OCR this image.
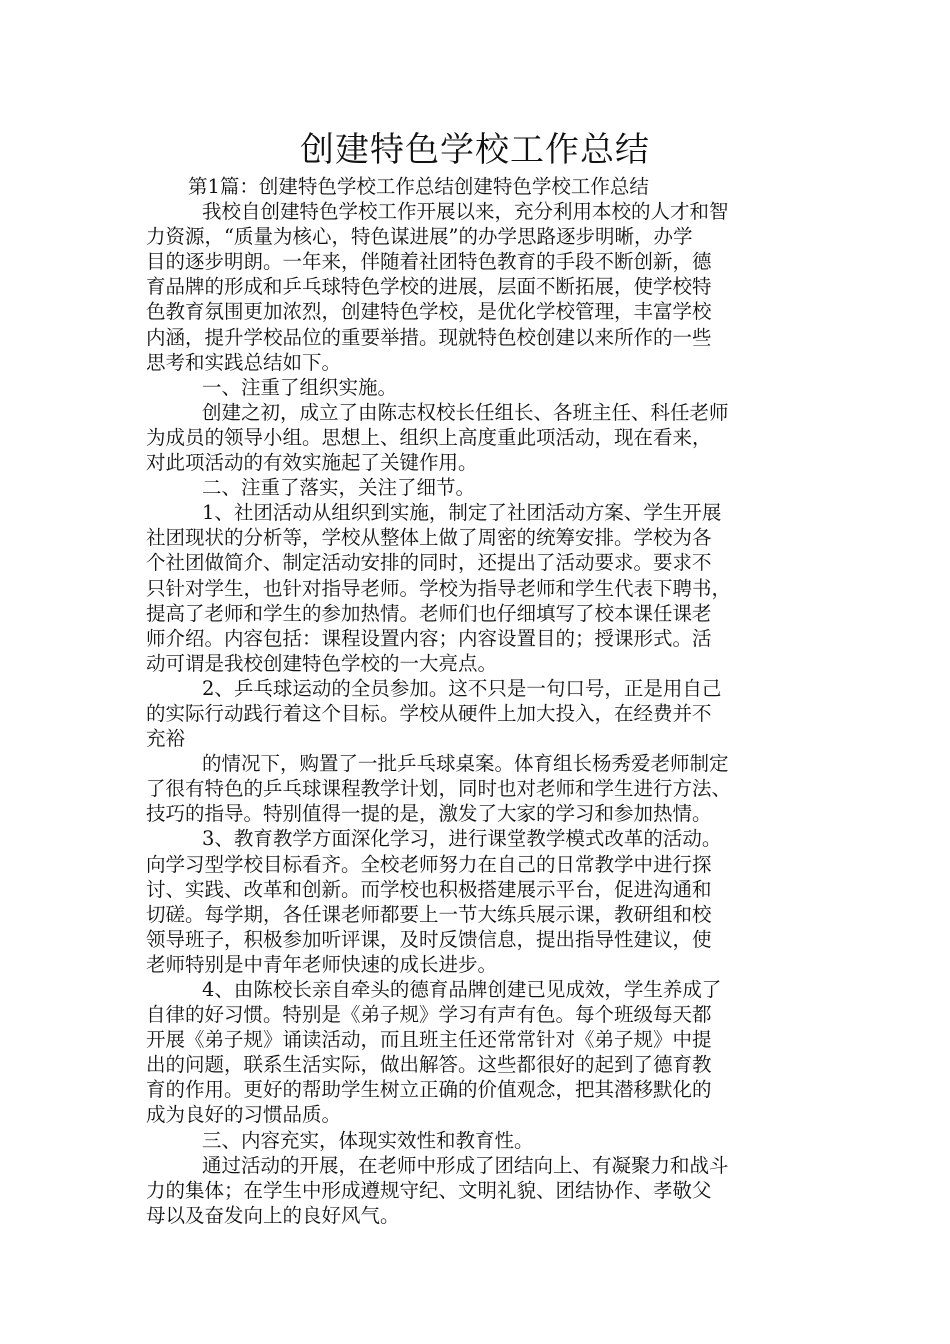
创建特色学校工作总结
第1篇：创建特色学校工作总结创建特色学校工作总结
我校自创建特色学校工作开展以来，充分利用本校的人才和智
力资源，“质量为核心，特色谋进展”的办学思路逐步明晰，办学
目的逐步明朗。一年来，伴随着社团特色教育的手段不断创新，德
育品牌的形成和乒乓球特色学校的进展，层面不断拓展，使学校特
色教育氛围更加浓烈，创建特色学校，是优化学校管理，丰富学校
内涵，提升学校品位的重要举措。现就特色校创建以来所作的一些
思考和实践总结如下。
一、注重了组织实施。
创建之初，成立了由陈志权校长任组长、各班主任、科任老师
为成员的领导小组。思想上、组织上高度重此项活动，现在看来，
对此项活动的有效实施起了关键作用。
二、注重了落实，关注了细节。
1、社团活动从组织到实施，制定了社团活动方案、学生开展
社团现状的分析等，学校从整体上做了周密的统筹安排。学校为各
个社团做简介、制定活动安排的同时，还提出了活动要求。要求不
只针对学生，也针对指导老师。学校为指导老师和学生代表下聘书，
提高了老师和学生的参加热情。老师们也仔细填写了校本课任课老
师介绍。内容包括：课程设置内容；内容设置目的；授课形式。活
动可谓是我校创建特色学校的一大亮点。
2、乒乓球运动的全员参加。这不只是一句口号，正是用自己
的实际行动践行着这个目标。学校从硬件上加大投入，在经费并不
充裕
的情况下，购置了一批乒乓球桌案。体育组长杨秀爱老师制定
了很有特色的乒乓球课程教学计划，同时也对老师和学生进行方法、
技巧的指导。特别值得一提的是，激发了大家的学习和参加热情。
3、教育教学方面深化学习，进行课堂教学模式改革的活动。
向学习型学校目标看齐。全校老师努力在自己的日常教学中进行探
讨、实践、改革和创新。而学校也积极搭建展示平台，促进沟通和
切磋。每学期，各任课老师都要上一节大练兵展示课，教研组和校
领导班子，积极参加听评课，及时反馈信息，提出指导性建议，使
老师特别是中青年老师快速的成长进步。
4、由陈校长亲自牵头的德育品牌创建已见成效，学生养成了
自律的好习惯。特别是《弟子规》学习有声有色。每个班级每天都
开展《弟子规》诵读活动，而且班主任还常常针对《弟子规》中提
出的问题，联系生活实际，做出解答。这些都很好的起到了德育教
育的作用。更好的帮助学生树立正确的价值观念，把其潜移默化的
成为良好的习惯品质。
三、内容充实，体现实效性和教育性。
通过活动的开展，在老师中形成了团结向上、有凝聚力和战斗
力的集体；在学生中形成遵规守纪、文明礼貌、团结协作、孝敬父
母以及奋发向上的良好风气。
